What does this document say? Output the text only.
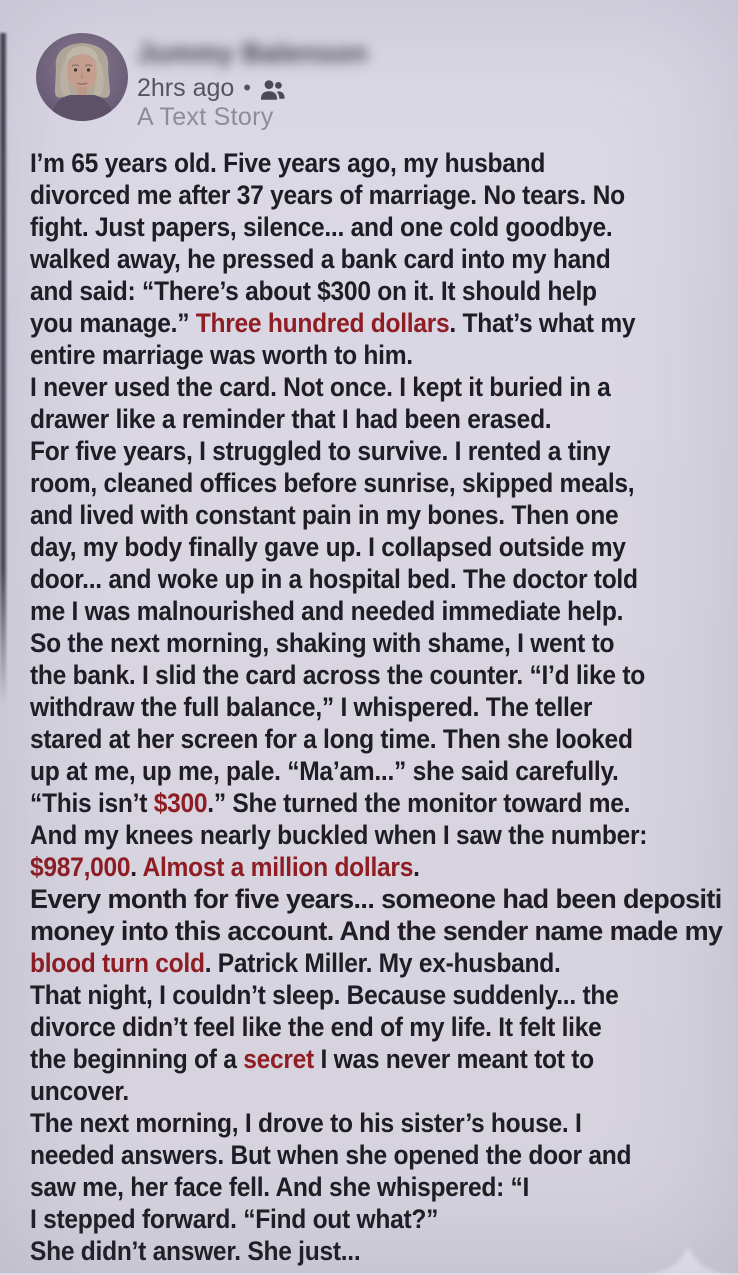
Jummy Balenson
2hrs ago •
A Text Story
I’m 65 years old. Five years ago, my husband
divorced me after 37 years of marriage. No tears. No
fight. Just papers, silence... and one cold goodbye.
walked away, he pressed a bank card into my hand
and said: “There’s about $300 on it. It should help
you manage.” Three hundred dollars. That’s what my
entire marriage was worth to him.
I never used the card. Not once. I kept it buried in a
drawer like a reminder that I had been erased.
For five years, I struggled to survive. I rented a tiny
room, cleaned offices before sunrise, skipped meals,
and lived with constant pain in my bones. Then one
day, my body finally gave up. I collapsed outside my
door... and woke up in a hospital bed. The doctor told
me I was malnourished and needed immediate help.
So the next morning, shaking with shame, I went to
the bank. I slid the card across the counter. “I’d like to
withdraw the full balance,” I whispered. The teller
stared at her screen for a long time. Then she looked
up at me, up me, pale. “Ma’am...” she said carefully.
“This isn’t $300.” She turned the monitor toward me.
And my knees nearly buckled when I saw the number:
$987,000. Almost a million dollars.
Every month for five years... someone had been depositi
money into this account. And the sender name made my
blood turn cold. Patrick Miller. My ex-husband.
That night, I couldn’t sleep. Because suddenly... the
divorce didn’t feel like the end of my life. It felt like
the beginning of a secret I was never meant tot to
uncover.
The next morning, I drove to his sister’s house. I
needed answers. But when she opened the door and
saw me, her face fell. And she whispered: “I
I stepped forward. “Find out what?”
She didn’t answer. She just...
